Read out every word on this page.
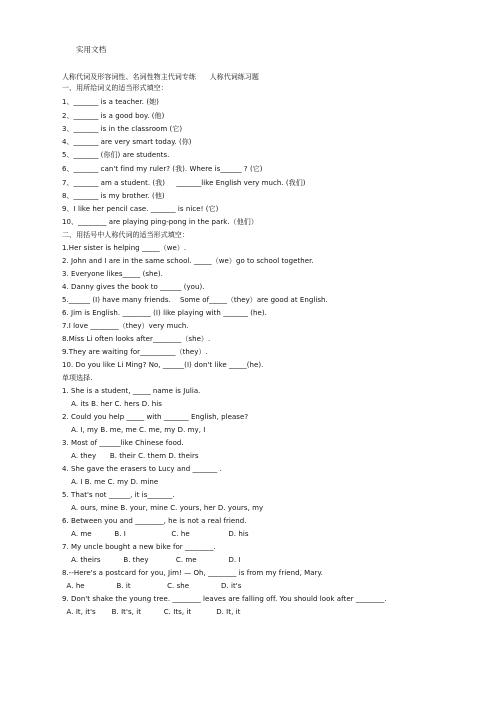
实用文档
人称代词及形容词性、名词性物主代词专练      人称代词练习题
一、用所给词义的适当形式填空：
1、_______ is a teacher. (她)
2、_______ is a good boy. (他)
3、_______ is in the classroom (它)
4、_______ are very smart today. (你)
5、_______ (你们) are students.
6、_______ can't find my ruler? (我). Where is______ ? (它)
7、_______ am a student. (我)     _______like English very much. (我们)
8、_______ is my brother. (他)
9、I like her pencil case. _______ is nice! (它)
10、________ are playing ping-pong in the park.（他们）
二、用括号中人称代词的适当形式填空：
1.Her sister is helping _____（we）.
2. John and I are in the same school. _____（we）go to school together.
3. Everyone likes_____ (she).
4. Danny gives the book to ______ (you).
5.______ (I) have many friends.    Some of_____（they）are good at English.
6. Jim is English. ________ (I) like playing with _______ (he).
7.I love ________（they）very much.
8.Miss Li often looks after________（she）.
9.They are waiting for__________（they）.
10. Do you like Li Ming? No, ______(I) don't like _____(he).
单项选择.
1. She is a student, _____ name is Julia.
A. its B. her C. hers D. his
2. Could you help _____ with _______ English, please?
A. I, my B. me, me C. me, my D. my, I
3. Most of ______like Chinese food.
A. they      B. their C. them D. theirs
4. She gave the erasers to Lucy and _______ .
A. I B. me C. my D. mine
5. That's not ______, it is_______.
A. ours, mine B. your, mine C. yours, her D. yours, my
6. Between you and ________, he is not a real friend.
A. me          B. I                    C. he                 D. his
7. My uncle bought a new bike for ________.
A. theirs          B. they            C. me              D. I
8.--Here's a postcard for you, Jim! — Oh, ________ is from my friend, Mary.
A. he              B. it                C. she              D. it's
9. Don't shake the young tree. ________ leaves are falling off. You should look after ________.
A. It, it's       B. It's, it          C. Its, it           D. It, it
